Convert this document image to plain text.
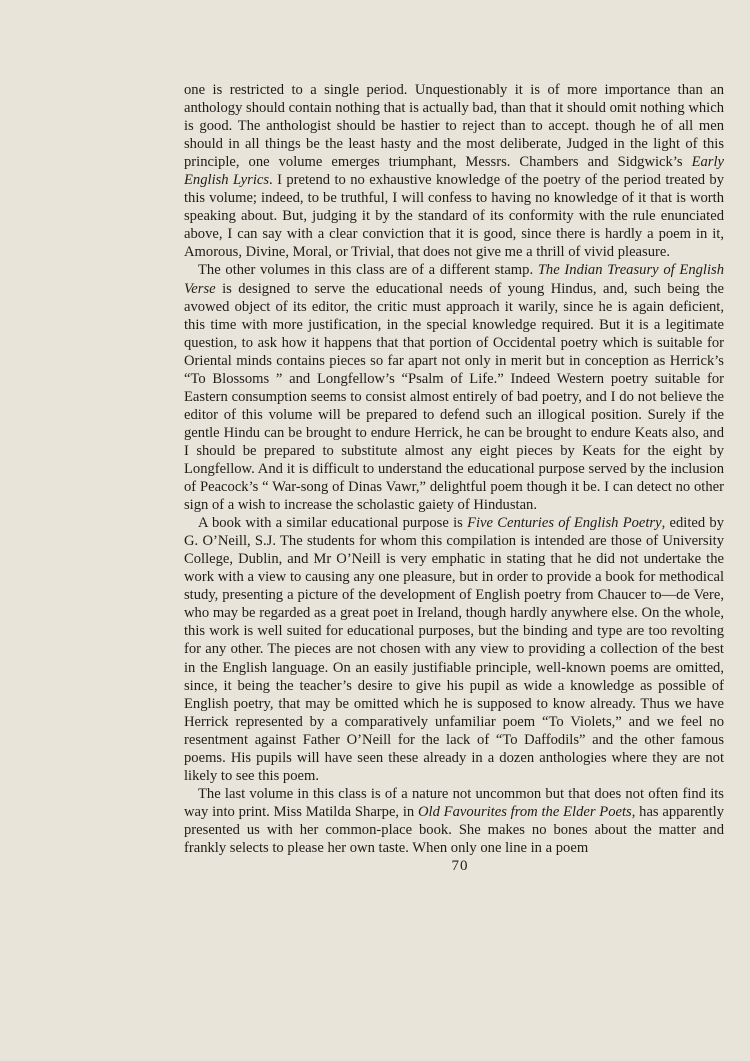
one is restricted to a single period. Unquestionably it is of more importance than an anthology should contain nothing that is actually bad, than that it should omit nothing which is good. The anthologist should be hastier to reject than to accept. though he of all men should in all things be the least hasty and the most deliberate, Judged in the light of this principle, one volume emerges triumphant, Messrs. Chambers and Sidgwick’s Early English Lyrics. I pretend to no exhaustive knowledge of the poetry of the period treated by this volume; indeed, to be truthful, I will confess to having no knowledge of it that is worth speaking about. But, judging it by the standard of its conformity with the rule enunciated above, I can say with a clear conviction that it is good, since there is hardly a poem in it, Amorous, Divine, Moral, or Trivial, that does not give me a thrill of vivid pleasure.

The other volumes in this class are of a different stamp. The Indian Treasury of English Verse is designed to serve the educational needs of young Hindus, and, such being the avowed object of its editor, the critic must approach it warily, since he is again deficient, this time with more justification, in the special knowledge required. But it is a legitimate question, to ask how it happens that that portion of Occidental poetry which is suitable for Oriental minds contains pieces so far apart not only in merit but in conception as Herrick’s “To Blossoms ” and Longfellow’s “Psalm of Life.” Indeed Western poetry suitable for Eastern consumption seems to consist almost entirely of bad poetry, and I do not believe the editor of this volume will be prepared to defend such an illogical position. Surely if the gentle Hindu can be brought to endure Herrick, he can be brought to endure Keats also, and I should be prepared to substitute almost any eight pieces by Keats for the eight by Longfellow. And it is difficult to understand the educational purpose served by the inclusion of Peacock’s “ War-song of Dinas Vawr,” delightful poem though it be. I can detect no other sign of a wish to increase the scholastic gaiety of Hindustan.

A book with a similar educational purpose is Five Centuries of English Poetry, edited by G. O’Neill, S.J. The students for whom this compilation is intended are those of University College, Dublin, and Mr O’Neill is very emphatic in stating that he did not undertake the work with a view to causing any one pleasure, but in order to provide a book for methodical study, presenting a picture of the development of English poetry from Chaucer to—de Vere, who may be regarded as a great poet in Ireland, though hardly anywhere else. On the whole, this work is well suited for educational purposes, but the binding and type are too revolting for any other. The pieces are not chosen with any view to providing a collection of the best in the English language. On an easily justifiable principle, well-known poems are omitted, since, it being the teacher’s desire to give his pupil as wide a knowledge as possible of English poetry, that may be omitted which he is supposed to know already. Thus we have Herrick represented by a comparatively unfamiliar poem “To Violets,” and we feel no resentment against Father O’Neill for the lack of “To Daffodils” and the other famous poems. His pupils will have seen these already in a dozen anthologies where they are not likely to see this poem.

The last volume in this class is of a nature not uncommon but that does not often find its way into print. Miss Matilda Sharpe, in Old Favourites from the Elder Poets, has apparently presented us with her common-place book. She makes no bones about the matter and frankly selects to please her own taste. When only one line in a poem

70
